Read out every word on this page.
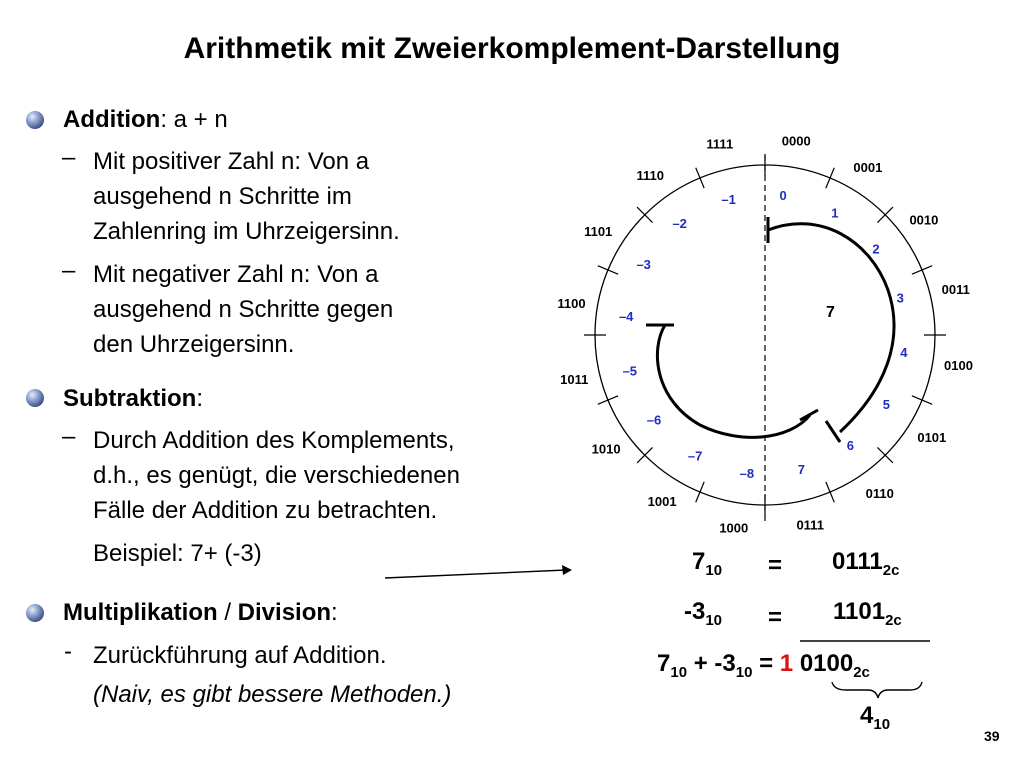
Arithmetik mit Zweierkomplement-Darstellung
Addition: a + n
– Mit positiver Zahl n: Von a
ausgehend n Schritte im
Zahlenring im Uhrzeigersinn.
– Mit negativer Zahl n: Von a
ausgehend n Schritte gegen
den Uhrzeigersinn.
Subtraktion:
– Durch Addition des Komplements,
d.h., es genügt, die verschiedenen
Fälle der Addition zu betrachten.
Beispiel: 7+ (-3)
Multiplikation / Division:
- Zurückführung auf Addition.
(Naiv, es gibt bessere Methoden.)
0000
0001
0010
0011
0100
0101
0110
0111
1000
1001
1010
1011
1100
1101
1110
1111
0
1
2
3
4
5
6
7
–8
–7
–6
–5
–4
–3
–2
–1
7
$7_{10} = 0111_{2c}$
$-3_{10} = 1101_{2c}$
$7_{10} + -3_{10} = 1$ $0100_{2c}$
$4_{10}$
39
